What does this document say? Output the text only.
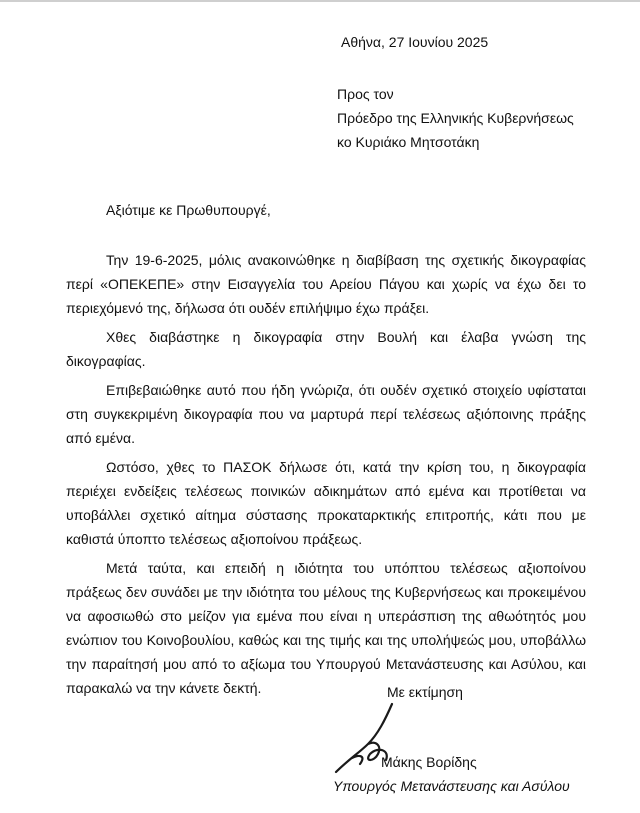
Αθήνα, 27 Ιουνίου 2025
Προς τον
Πρόεδρο της Ελληνικής Κυβερνήσεως
κο Κυριάκο Μητσοτάκη
Αξιότιμε κε Πρωθυπουργέ,

Την 19-6-2025, μόλις ανακοινώθηκε η διαβίβαση της σχετικής δικογραφίας περί «ΟΠΕΚΕΠΕ» στην Εισαγγελία του Αρείου Πάγου και χωρίς να έχω δει το περιεχόμενό της, δήλωσα ότι ουδέν επιλήψιμο έχω πράξει.

Χθες διαβάστηκε η δικογραφία στην Βουλή και έλαβα γνώση της δικογραφίας.

Επιβεβαιώθηκε αυτό που ήδη γνώριζα, ότι ουδέν σχετικό στοιχείο υφίσταται στη συγκεκριμένη δικογραφία που να μαρτυρά περί τελέσεως αξιόποινης πράξης από εμένα.

Ωστόσο, χθες το ΠΑΣΟΚ δήλωσε ότι, κατά την κρίση του, η δικογραφία περιέχει ενδείξεις τελέσεως ποινικών αδικημάτων από εμένα και προτίθεται να υποβάλλει σχετικό αίτημα σύστασης προκαταρκτικής επιτροπής, κάτι που με καθιστά ύποπτο τελέσεως αξιοποίνου πράξεως.

Μετά ταύτα, και επειδή η ιδιότητα του υπόπτου τελέσεως αξιοποίνου πράξεως δεν συνάδει με την ιδιότητα του μέλους της Κυβερνήσεως και προκειμένου να αφοσιωθώ στο μείζον για εμένα που είναι η υπεράσπιση της αθωότητός μου ενώπιον του Κοινοβουλίου, καθώς και της τιμής και της υπολήψεώς μου, υποβάλλω την παραίτησή μου από το αξίωμα του Υπουργού Μετανάστευσης και Ασύλου, και παρακαλώ να την κάνετε δεκτή.	Με εκτίμηση
Μάκης Βορίδης
Υπουργός Μετανάστευσης και Ασύλου
